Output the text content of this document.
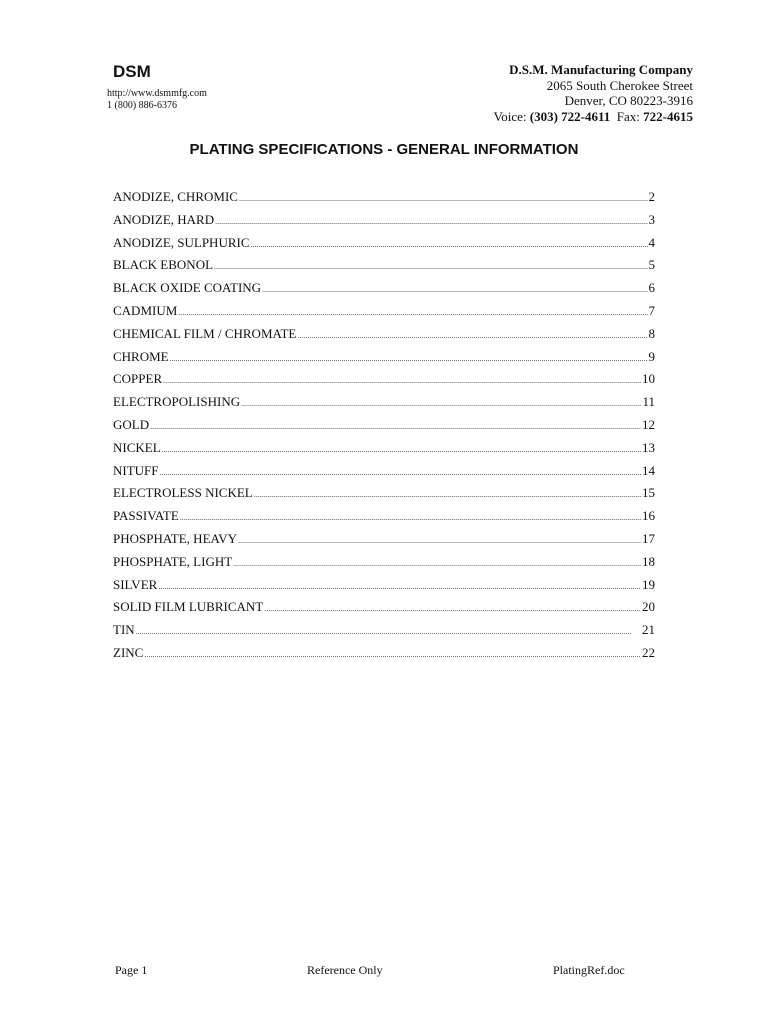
DSM
http://www.dsmmfg.com
1 (800) 886-6376
D.S.M. Manufacturing Company
2065 South Cherokee Street
Denver, CO 80223-3916
Voice: (303) 722-4611  Fax: 722-4615
PLATING SPECIFICATIONS - GENERAL INFORMATION
ANODIZE, CHROMIC .....	2
ANODIZE, HARD .....	3
ANODIZE, SULPHURIC .....	4
BLACK EBONOL .....	5
BLACK OXIDE COATING .....	6
CADMIUM .....	7
CHEMICAL FILM / CHROMATE .....	8
CHROME .....	9
COPPER .....	10
ELECTROPOLISHING .....	11
GOLD .....	12
NICKEL .....	13
NITUFF .....	14
ELECTROLESS NICKEL .....	15
PASSIVATE .....	16
PHOSPHATE, HEAVY .....	17
PHOSPHATE, LIGHT .....	18
SILVER .....	19
SOLID FILM LUBRICANT .....	20
TIN .....	21
ZINC .....	22
Page 1	Reference Only	PlatingRef.doc
